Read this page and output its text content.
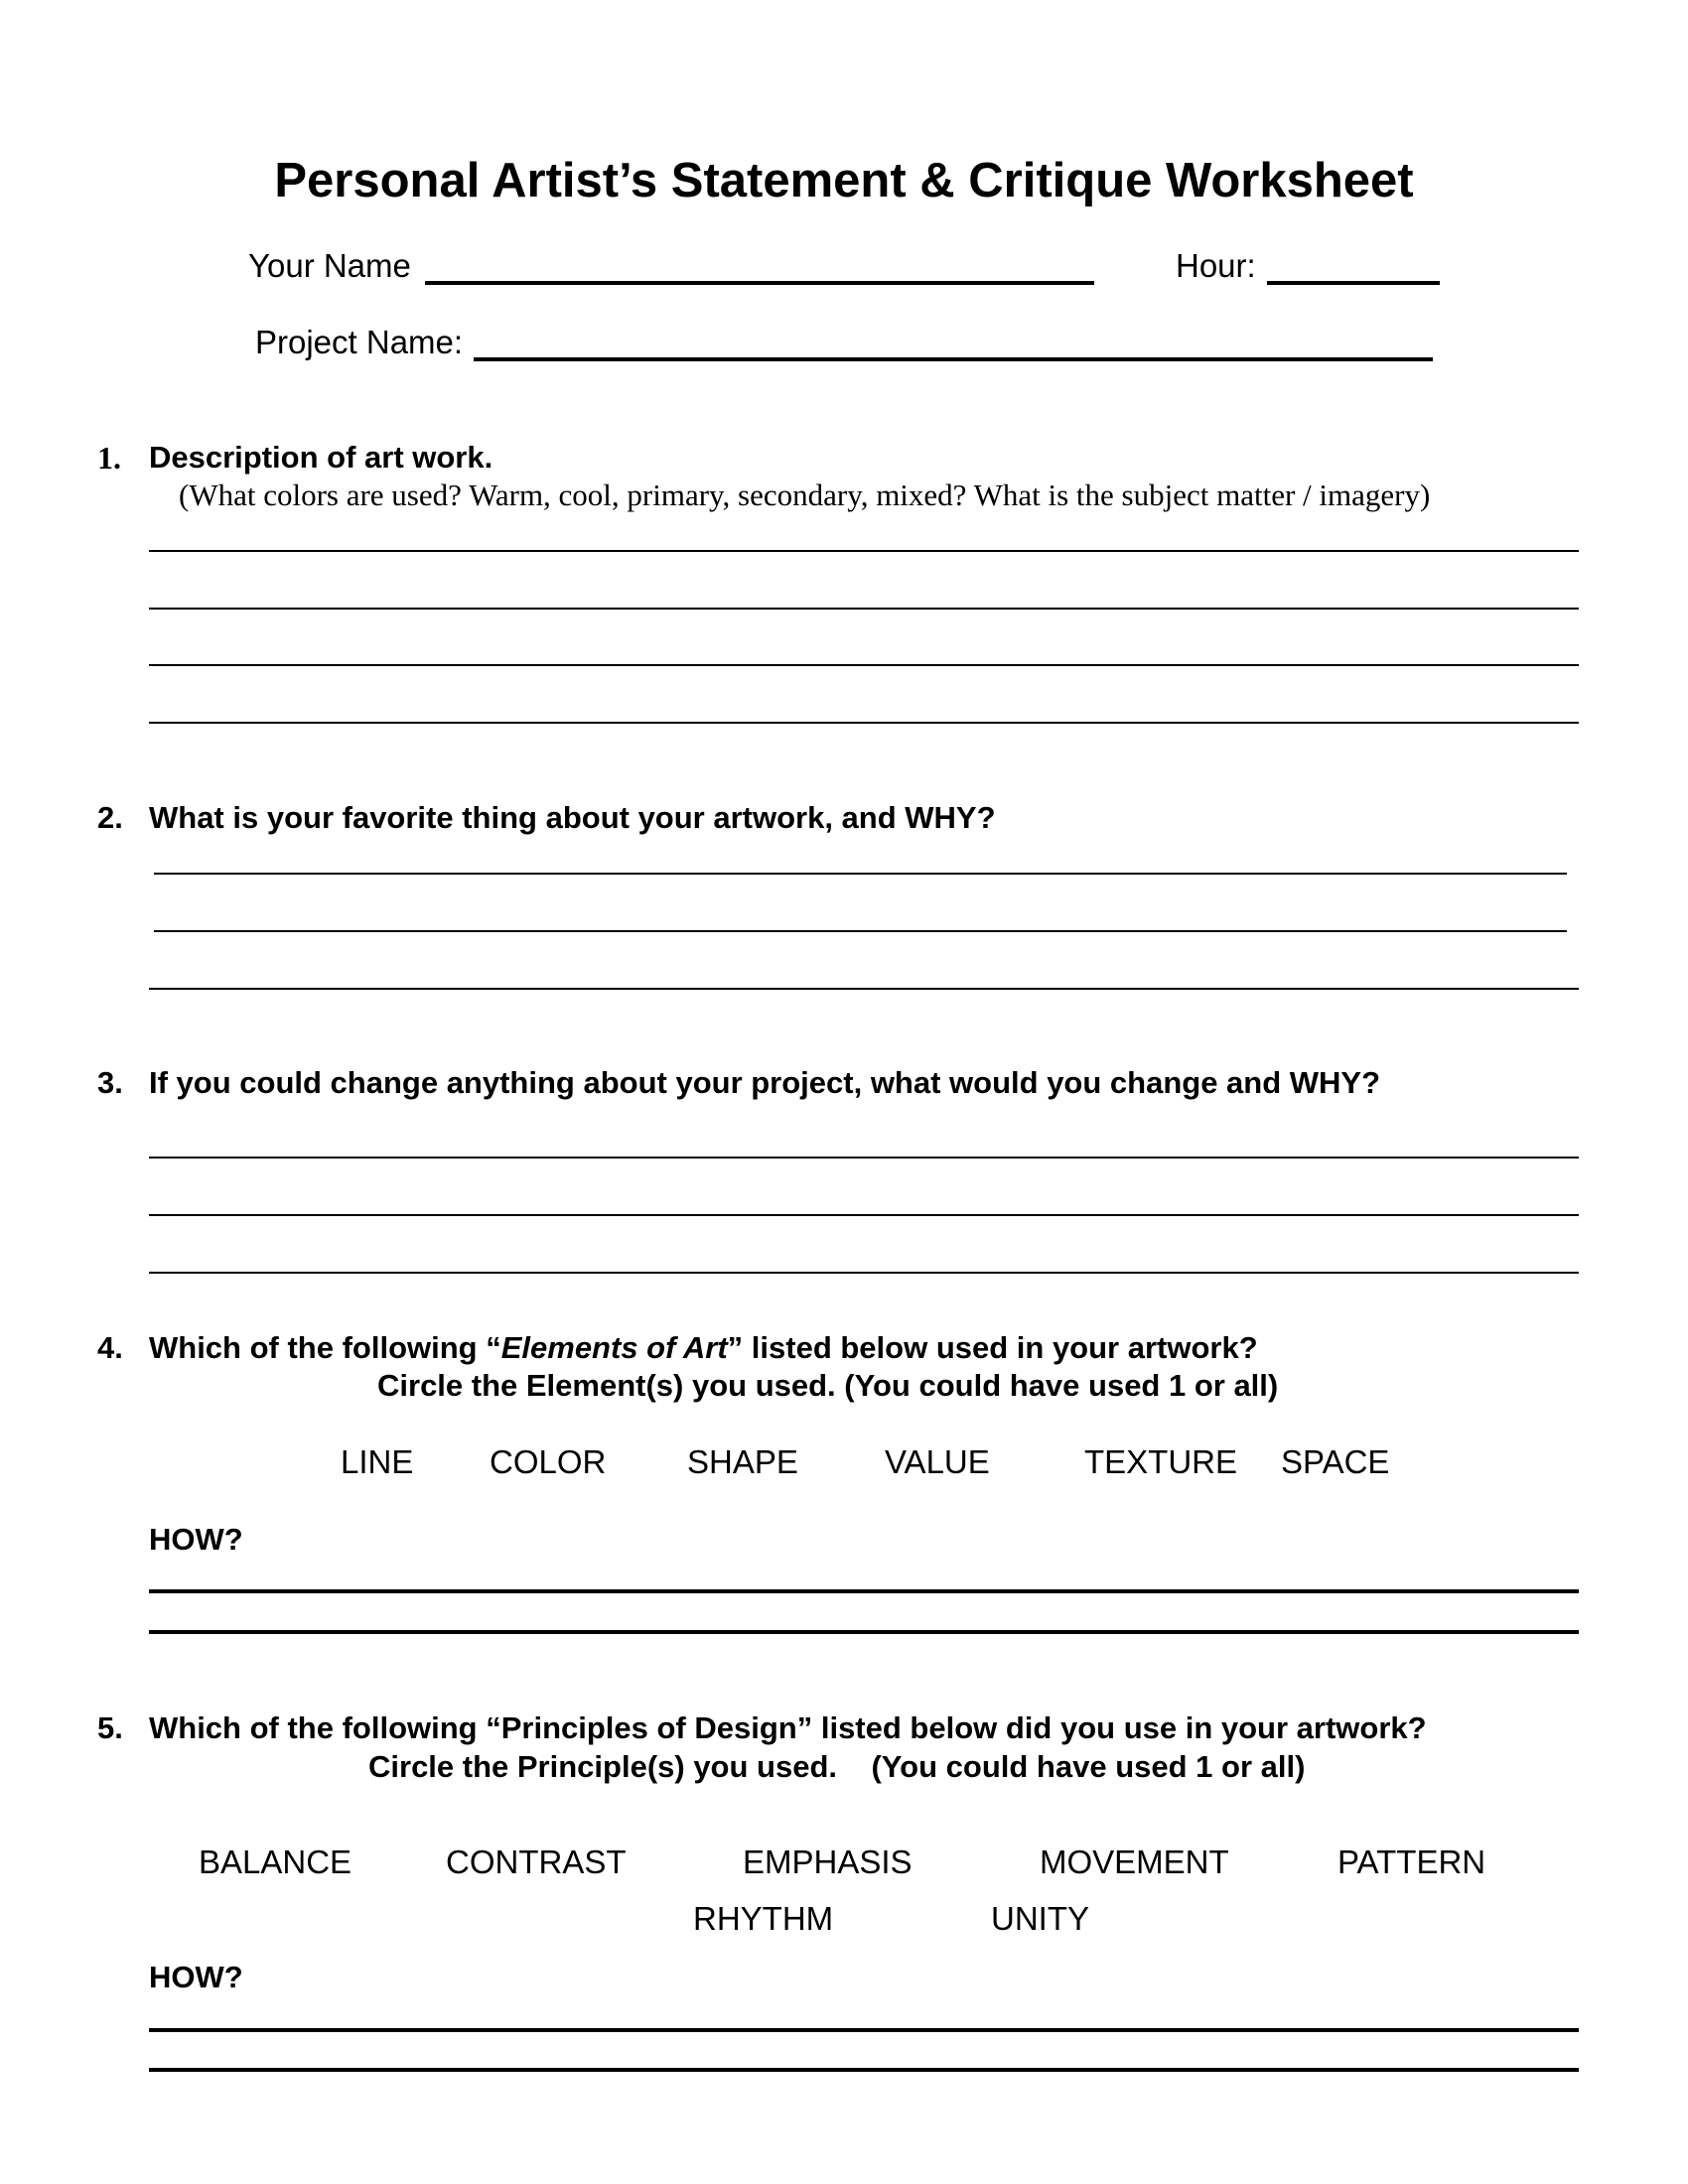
Personal Artist’s Statement & Critique Worksheet
Your Name	Hour:
Project Name:
1. Description of art work.
(What colors are used? Warm, cool, primary, secondary, mixed? What is the subject matter / imagery)
2. What is your favorite thing about your artwork, and WHY?
3. If you could change anything about your project, what would you change and WHY?
4. Which of the following “Elements of Art” listed below used in your artwork?
Circle the Element(s) you used. (You could have used 1 or all)
LINE COLOR SHAPE	VALUE	TEXTURE SPACE
HOW?
5. Which of the following “Principles of Design” listed below did you use in your artwork?
Circle the Principle(s) you used.    (You could have used 1 or all)
BALANCE	CONTRAST	EMPHASIS	MOVEMENT	PATTERN
RHYTHM	UNITY
HOW?
